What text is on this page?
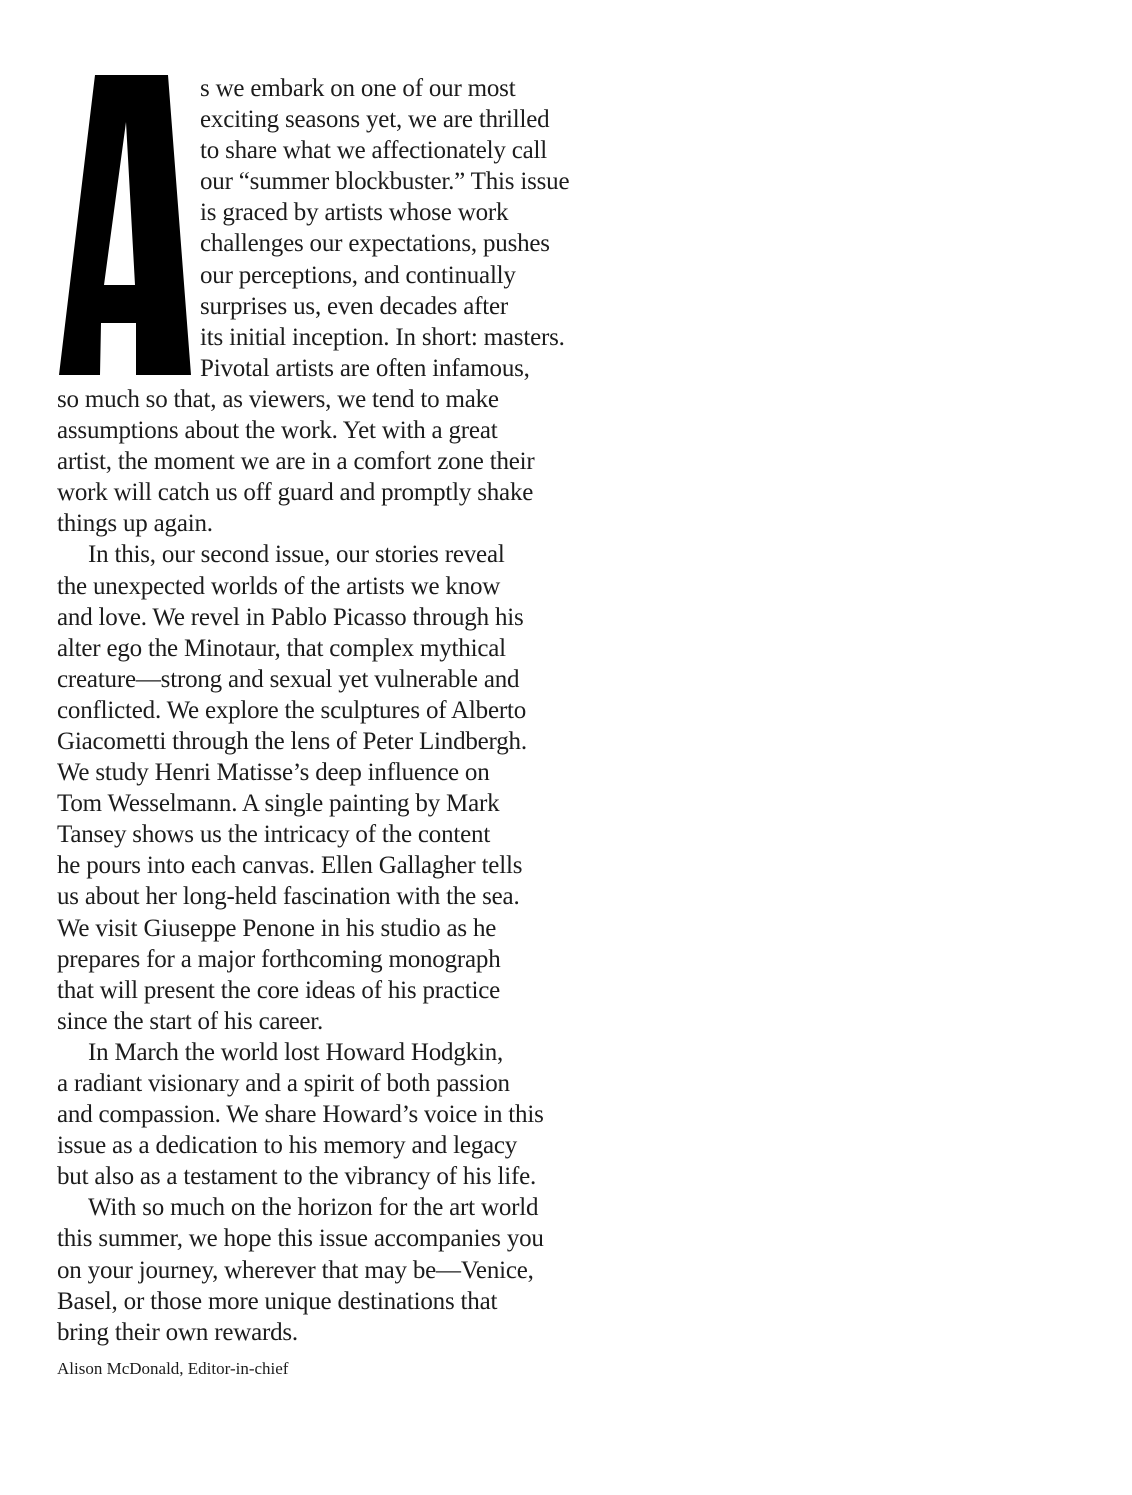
s we embark on one of our most
exciting seasons yet, we are thrilled
to share what we affectionately call
our “summer blockbuster.” This issue
is graced by artists whose work
challenges our expectations, pushes
our perceptions, and continually
surprises us, even decades after
its initial inception. In short: masters.
Pivotal artists are often infamous,
so much so that, as viewers, we tend to make
assumptions about the work. Yet with a great
artist, the moment we are in a comfort zone their
work will catch us off guard and promptly shake
things up again.
In this, our second issue, our stories reveal
the unexpected worlds of the artists we know
and love. We revel in Pablo Picasso through his
alter ego the Minotaur, that complex mythical
creature—strong and sexual yet vulnerable and
conflicted. We explore the sculptures of Alberto
Giacometti through the lens of Peter Lindbergh.
We study Henri Matisse’s deep influence on
Tom Wesselmann. A single painting by Mark
Tansey shows us the intricacy of the content
he pours into each canvas. Ellen Gallagher tells
us about her long-held fascination with the sea.
We visit Giuseppe Penone in his studio as he
prepares for a major forthcoming monograph
that will present the core ideas of his practice
since the start of his career.
In March the world lost Howard Hodgkin,
a radiant visionary and a spirit of both passion
and compassion. We share Howard’s voice in this
issue as a dedication to his memory and legacy
but also as a testament to the vibrancy of his life.
With so much on the horizon for the art world
this summer, we hope this issue accompanies you
on your journey, wherever that may be—Venice,
Basel, or those more unique destinations that
bring their own rewards.
Alison McDonald, Editor-in-chief
